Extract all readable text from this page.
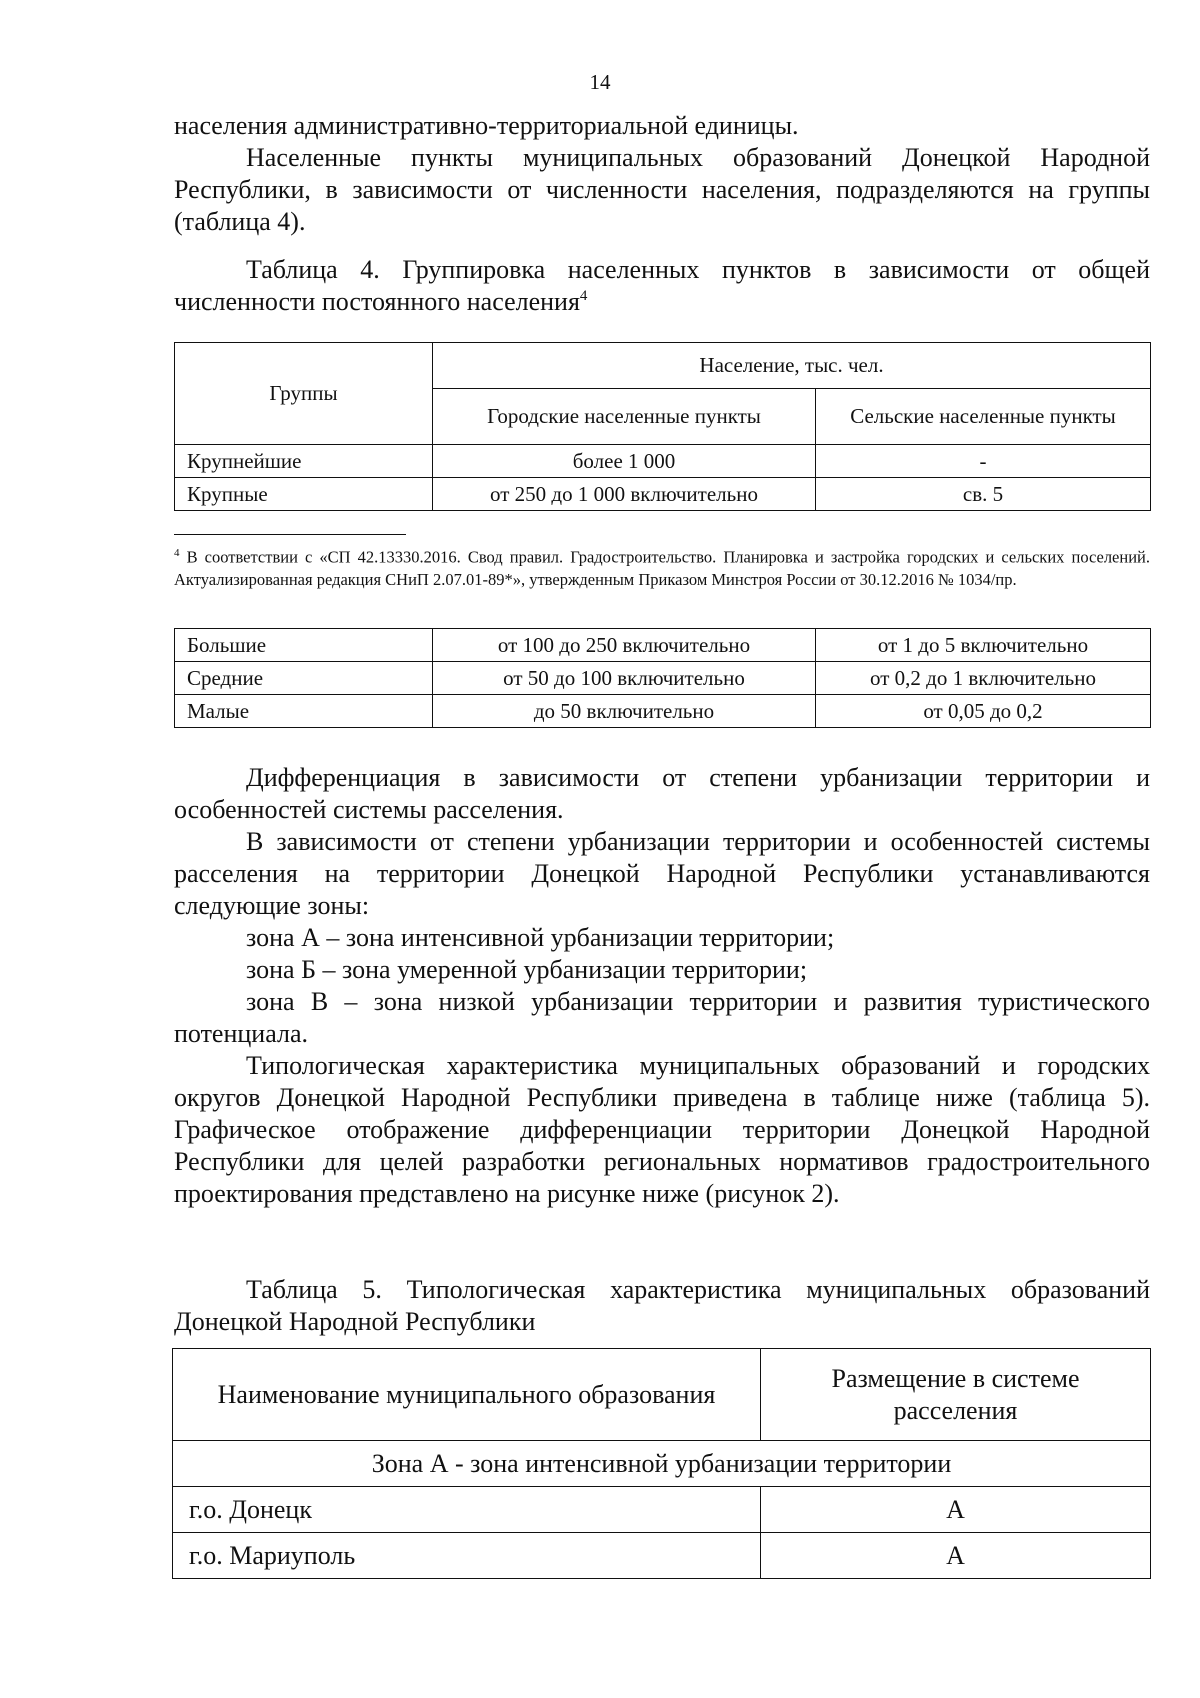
14
населения административно-территориальной единицы.
Населенные пункты муниципальных образований Донецкой Народной Республики, в зависимости от численности населения, подразделяются на группы (таблица 4).
Таблица 4. Группировка населенных пунктов в зависимости от общей численности постоянного населения$^4$
Группы	Население, тыс. чел.	
	Городские населенные пункты	Сельские населенные пункты
Крупнейшие	более 1 000	-
Крупные	от 250 до 1 000 включительно	св. 5
$^4$ В соответствии с «СП 42.13330.2016. Свод правил. Градостроительство. Планировка и застройка городских и сельских поселений. Актуализированная редакция СНиП 2.07.01-89*», утвержденным Приказом Минстроя России от 30.12.2016 № 1034/пр.
Большие	от 100 до 250 включительно	от 1 до 5 включительно
Средние	от 50 до 100 включительно	от 0,2 до 1 включительно
Малые	до 50 включительно	от 0,05 до 0,2
Дифференциация в зависимости от степени урбанизации территории и особенностей системы расселения.
В зависимости от степени урбанизации территории и особенностей системы расселения на территории Донецкой Народной Республики устанавливаются следующие зоны:
зона А – зона интенсивной урбанизации территории;
зона Б – зона умеренной урбанизации территории;
зона В – зона низкой урбанизации территории и развития туристического потенциала.
Типологическая характеристика муниципальных образований и городских округов Донецкой Народной Республики приведена в таблице ниже (таблица 5). Графическое отображение дифференциации территории Донецкой Народной Республики для целей разработки региональных нормативов градостроительного проектирования представлено на рисунке ниже (рисунок 2).
Таблица 5. Типологическая характеристика муниципальных образований Донецкой Народной Республики
Наименование муниципального образования	Размещение в системе расселения
Зона А - зона интенсивной урбанизации территории	
г.о. Донецк	А
г.о. Мариуполь	А
